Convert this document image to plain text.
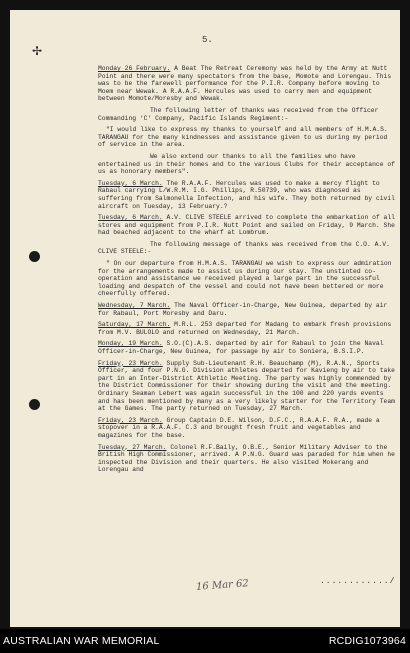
5.
✢

Monday 26 February. A Beat The Retreat Ceremony was held by the Army at Nutt Point and there were many spectators from the base, Momote and Lorengau. This was to be the farewell performance for the P.I.R. Company before moving to Moem near Wewak. A R.A.A.F. Hercules was used to carry men and equipment between Momote/Moresby and Wewak.

The following letter of thanks was received from the Officer Commanding 'C' Company, Pacific Islands Regiment:-

"I would like to express my thanks to yourself and all members of H.M.A.S. TARANGAU for the many kindnesses and assistance given to us during my period of service in the area.

We also extend our thanks to all the families who have entertained us in their homes and to the various Clubs for their acceptance of us as honorary members".

Tuesday, 6 March. The R.A.A.F. Hercules was used to make a mercy flight to Rabaul carrying L/W.R.M. I.G. Phillips, R.50739, who was diagnosed as suffering from Salmonella Infection, and his wife. They both returned by civil aircraft on Tuesday, 13 February.?

Tuesday, 6 March. A.V. CLIVE STEELE arrived to complete the embarkation of all stores and equipment from P.I.R. Nutt Point and sailed on Friday, 9 March. She had beached adjacent to the wharf at Lombrum.

The following message of thanks was received from the C.O. A.V. CLIVE STEELE:-

" On our departure from H.M.A.S. TARANGAU we wish to express our admiration for the arrangements made to assist us during our stay. The unstinted co-operation and assistance we received played a large part in the successful loading and despatch of the vessel and could not have been bettered or more cheerfully offered.

Wednesday, 7 March. The Naval Officer-in-Charge, New Guinea, departed by air for Rabaul, Port Moresby and Daru.

Saturday, 17 March. M.R.L. 253 departed for Madang to embark fresh provisions from M.V. BULOLO and returned on Wednesday, 21 March.

Monday, 19 March. S.O.(C).A.S. departed by air for Rabaul to join the Naval Officer-in-Charge, New Guinea, for passage by air to Soniera, B.S.I.P.

Friday, 23 March. Supply Sub-Lieutenant R.H. Beauchamp (M), R.A.N., Sports Officer, and four P.N.G. Division athletes departed for Kavieng by air to take part in an Inter-District Athletic Meeting. The party was highly commended by the District Commissioner for their showing during the visit and the meeting. Ordinary Seaman Lebert was again successful in the 100 and 220 yards events and has been mentioned by many as a very likely starter for the Territory Team at the Games. The party returned on Tuesday, 27 March.

Friday, 23 March. Group Captain D.E. Wilson, D.F.C., R.A.A.F. R.A., made a stopover in a R.A.A.F. C.3 and brought fresh fruit and vegetables and magazines for the base.

Tuesday, 27 March. Colonel R.F.Baily, O.B.E., Senior Military Adviser to the British High Commissioner, arrived. A P.N.G. Guard was paraded for him when he inspected the Division and their quarters. He also visited Mokerang and Lorengau and

16 Mar 62	............/
AUSTRALIAN WAR MEMORIAL	RCDIG1073964
